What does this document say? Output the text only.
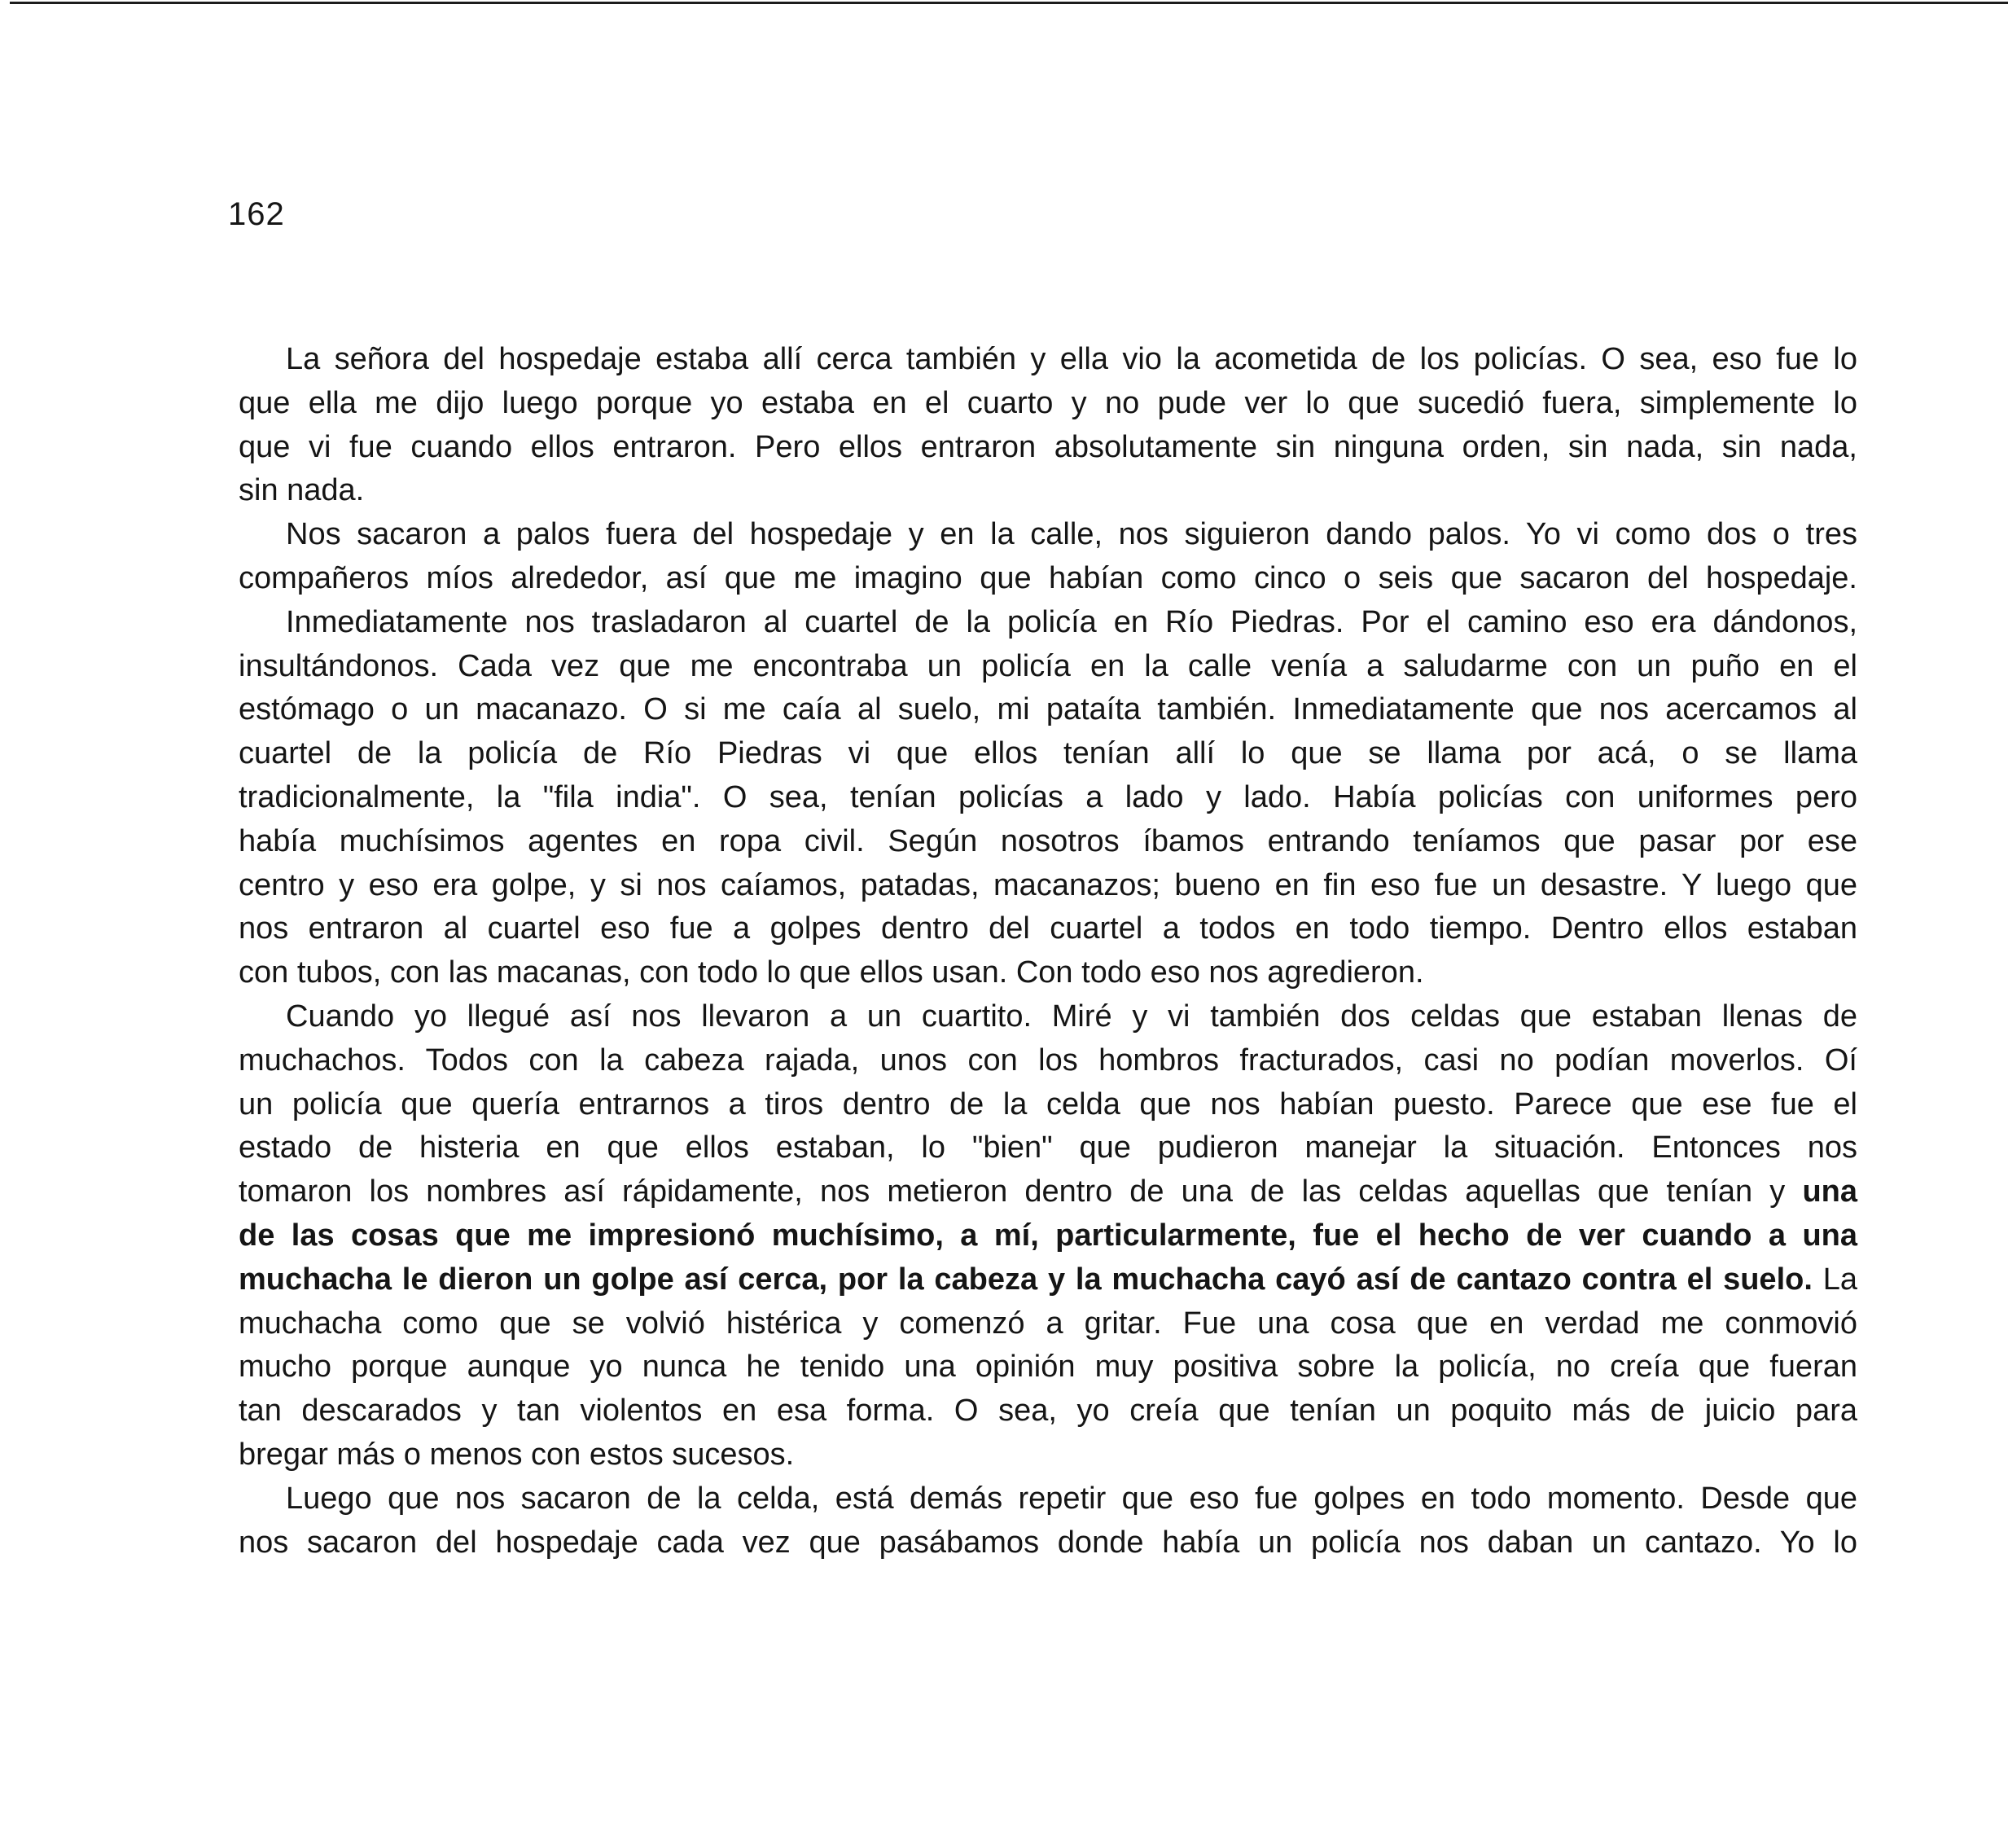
162
La señora del hospedaje estaba allí cerca también y ella vio la acometida de los policías. O sea, eso fue lo
que ella me dijo luego porque yo estaba en el cuarto y no pude ver lo que sucedió fuera, simplemente lo
que vi fue cuando ellos entraron. Pero ellos entraron absolutamente sin ninguna orden, sin nada, sin nada,
sin nada.
Nos sacaron a palos fuera del hospedaje y en la calle, nos siguieron dando palos. Yo vi como dos o tres
compañeros míos alrededor, así que me imagino que habían como cinco o seis que sacaron del hospedaje.
Inmediatamente nos trasladaron al cuartel de la policía en Río Piedras. Por el camino eso era dándonos,
insultándonos. Cada vez que me encontraba un policía en la calle venía a saludarme con un puño en el
estómago o un macanazo. O si me caía al suelo, mi pataíta también. Inmediatamente que nos acercamos al
cuartel de la policía de Río Piedras vi que ellos tenían allí lo que se llama por acá, o se llama
tradicionalmente, la "fila india". O sea, tenían policías a lado y lado. Había policías con uniformes pero
había muchísimos agentes en ropa civil. Según nosotros íbamos entrando teníamos que pasar por ese
centro y eso era golpe, y si nos caíamos, patadas, macanazos; bueno en fin eso fue un desastre. Y luego que
nos entraron al cuartel eso fue a golpes dentro del cuartel a todos en todo tiempo. Dentro ellos estaban
con tubos, con las macanas, con todo lo que ellos usan. Con todo eso nos agredieron.
Cuando yo llegué así nos llevaron a un cuartito. Miré y vi también dos celdas que estaban llenas de
muchachos. Todos con la cabeza rajada, unos con los hombros fracturados, casi no podían moverlos. Oí
un policía que quería entrarnos a tiros dentro de la celda que nos habían puesto. Parece que ese fue el
estado de histeria en que ellos estaban, lo "bien" que pudieron manejar la situación. Entonces nos
tomaron los nombres así rápidamente, nos metieron dentro de una de las celdas aquellas que tenían y una
de las cosas que me impresionó muchísimo, a mí, particularmente, fue el hecho de ver cuando a una
muchacha le dieron un golpe así cerca, por la cabeza y la muchacha cayó así de cantazo contra el suelo. La
muchacha como que se volvió histérica y comenzó a gritar. Fue una cosa que en verdad me conmovió
mucho porque aunque yo nunca he tenido una opinión muy positiva sobre la policía, no creía que fueran
tan descarados y tan violentos en esa forma. O sea, yo creía que tenían un poquito más de juicio para
bregar más o menos con estos sucesos.
Luego que nos sacaron de la celda, está demás repetir que eso fue golpes en todo momento. Desde que
nos sacaron del hospedaje cada vez que pasábamos donde había un policía nos daban un cantazo. Yo lo
